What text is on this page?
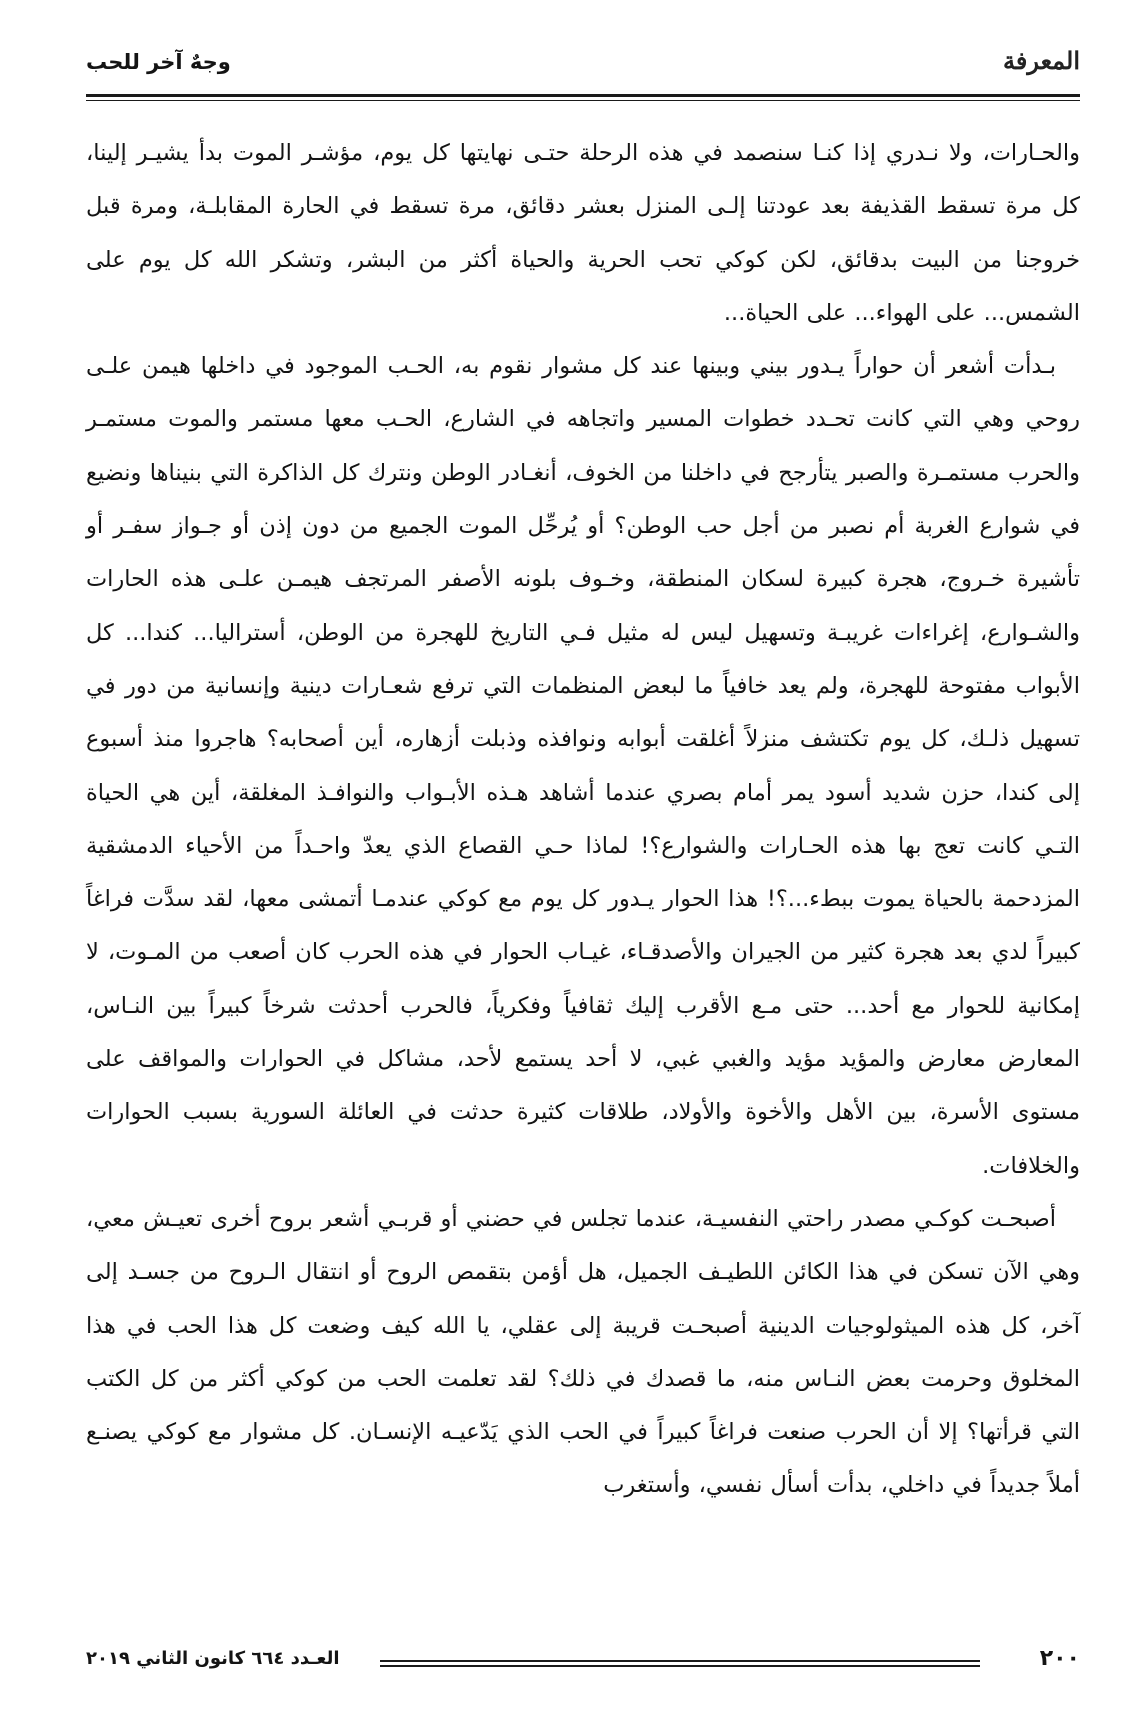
المعرفة
وجهٌ آخر للحب

والحـارات، ولا نـدري إذا كنـا سنصمد في هذه الرحلة حتـى نهايتها كل يوم، مؤشـر الموت بدأ يشيـر إلينا، كل مرة تسقط القذيفة بعد عودتنا إلـى المنزل بعشر دقائق، مرة تسقط في الحارة المقابلـة، ومرة قبل خروجنا من البيت بدقائق، لكن كوكي تحب الحرية والحياة أكثر من البشر، وتشكر الله كل يوم على الشمس... على الهواء... على الحياة...

بـدأت أشعر أن حواراً يـدور بيني وبينها عند كل مشوار نقوم به، الحـب الموجود في داخلها هيمن علـى روحي وهي التي كانت تحـدد خطوات المسير واتجاهه في الشارع، الحـب معها مستمر والموت مستمـر والحرب مستمـرة والصبر يتأرجح في داخلنا من الخوف، أنغـادر الوطن ونترك كل الذاكرة التي بنيناها ونضيع في شوارع الغربة أم نصبر من أجل حب الوطن؟ أو يُرحِّل الموت الجميع من دون إذن أو جـواز سفـر أو تأشيرة خـروج، هجرة كبيرة لسكان المنطقة، وخـوف بلونه الأصفر المرتجف هيمـن علـى هذه الحارات والشـوارع، إغراءات غريبـة وتسهيل ليس له مثيل فـي التاريخ للهجرة من الوطن، أستراليا... كندا... كل الأبواب مفتوحة للهجرة، ولم يعد خافياً ما لبعض المنظمات التي ترفع شعـارات دينية وإنسانية من دور في تسهيل ذلـك، كل يوم تكتشف منزلاً أغلقت أبوابه ونوافذه وذبلت أزهاره، أين أصحابه؟ هاجروا منذ أسبوع إلى كندا، حزن شديد أسود يمر أمام بصري عندما أشاهد هـذه الأبـواب والنوافـذ المغلقة، أين هي الحياة التـي كانت تعج بها هذه الحـارات والشوارع؟! لماذا حـي القصاع الذي يعدّ واحـداً من الأحياء الدمشقية المزدحمة بالحياة يموت ببطء...؟! هذا الحوار يـدور كل يوم مع كوكي عندمـا أتمشى معها، لقد سدَّت فراغاً كبيراً لدي بعد هجرة كثير من الجيران والأصدقـاء، غيـاب الحوار في هذه الحرب كان أصعب من المـوت، لا إمكانية للحوار مع أحد... حتى مـع الأقرب إليك ثقافياً وفكرياً، فالحرب أحدثت شرخاً كبيراً بين النـاس، المعارض معارض والمؤيد مؤيد والغبي غبي، لا أحد يستمع لأحد، مشاكل في الحوارات والمواقف على مستوى الأسرة، بين الأهل والأخوة والأولاد، طلاقات كثيرة حدثت في العائلة السورية بسبب الحوارات والخلافات.

أصبحـت كوكـي مصدر راحتي النفسيـة، عندما تجلس في حضني أو قربـي أشعر بروح أخرى تعيـش معي، وهي الآن تسكن في هذا الكائن اللطيـف الجميل، هل أؤمن بتقمص الروح أو انتقال الـروح من جسـد إلى آخر، كل هذه الميثولوجيات الدينية أصبحـت قريبة إلى عقلي، يا الله كيف وضعت كل هذا الحب في هذا المخلوق وحرمت بعض النـاس منه، ما قصدك في ذلك؟ لقد تعلمت الحب من كوكي أكثر من كل الكتب التي قرأتها؟ إلا أن الحرب صنعت فراغاً كبيراً في الحب الذي يَدّعيـه الإنسـان. كل مشوار مع كوكي يصنـع أملاً جديداً في داخلي، بدأت أسأل نفسي، وأستغرب

٢٠٠
العـدد ٦٦٤ كانون الثاني ٢٠١٩
